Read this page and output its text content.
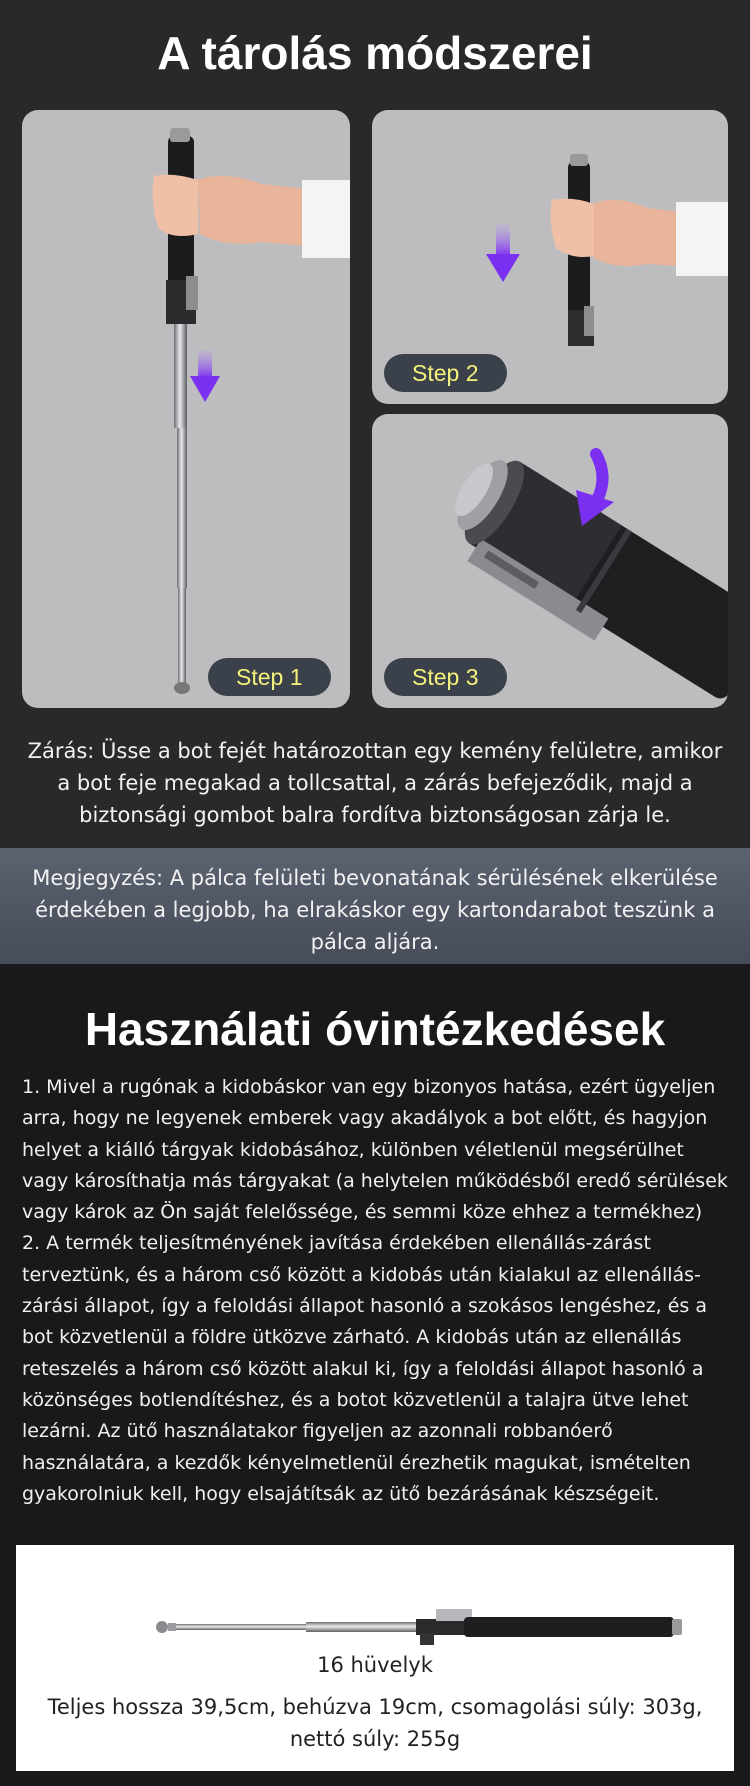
A tárolás módszerei
Step 1
Step 2
Step 3

Zárás: Üsse a bot fejét határozottan egy kemény felületre, amikor a bot feje megakad a tollcsattal, a zárás befejeződik, majd a biztonsági gombot balra fordítva biztonságosan zárja le.

Megjegyzés: A pálca felületi bevonatának sérülésének elkerülése érdekében a legjobb, ha elrakáskor egy kartondarabot teszünk a pálca aljára.

Használati óvintézkedések

1. Mivel a rugónak a kidobáskor van egy bizonyos hatása, ezért ügyeljen arra, hogy ne legyenek emberek vagy akadályok a bot előtt, és hagyjon helyet a kiálló tárgyak kidobásához, különben véletlenül megsérülhet vagy károsíthatja más tárgyakat (a helytelen működésből eredő sérülések vagy károk az Ön saját felelőssége, és semmi köze ehhez a termékhez)

2. A termék teljesítményének javítása érdekében ellenállás-zárást terveztünk, és a három cső között a kidobás után kialakul az ellenállás-zárási állapot, így a feloldási állapot hasonló a szokásos lengéshez, és a bot közvetlenül a földre ütközve zárható. A kidobás után az ellenállás reteszelés a három cső között alakul ki, így a feloldási állapot hasonló a közönséges botlendítéshez, és a botot közvetlenül a talajra ütve lehet lezárni. Az ütő használatakor figyeljen az azonnali robbanóerő használatára, a kezdők kényelmetlenül érezhetik magukat, ismételten gyakorolniuk kell, hogy elsajátítsák az ütő bezárásának készségeit.

16 hüvelyk
Teljes hossza 39,5cm, behúzva 19cm, csomagolási súly: 303g, nettó súly: 255g
